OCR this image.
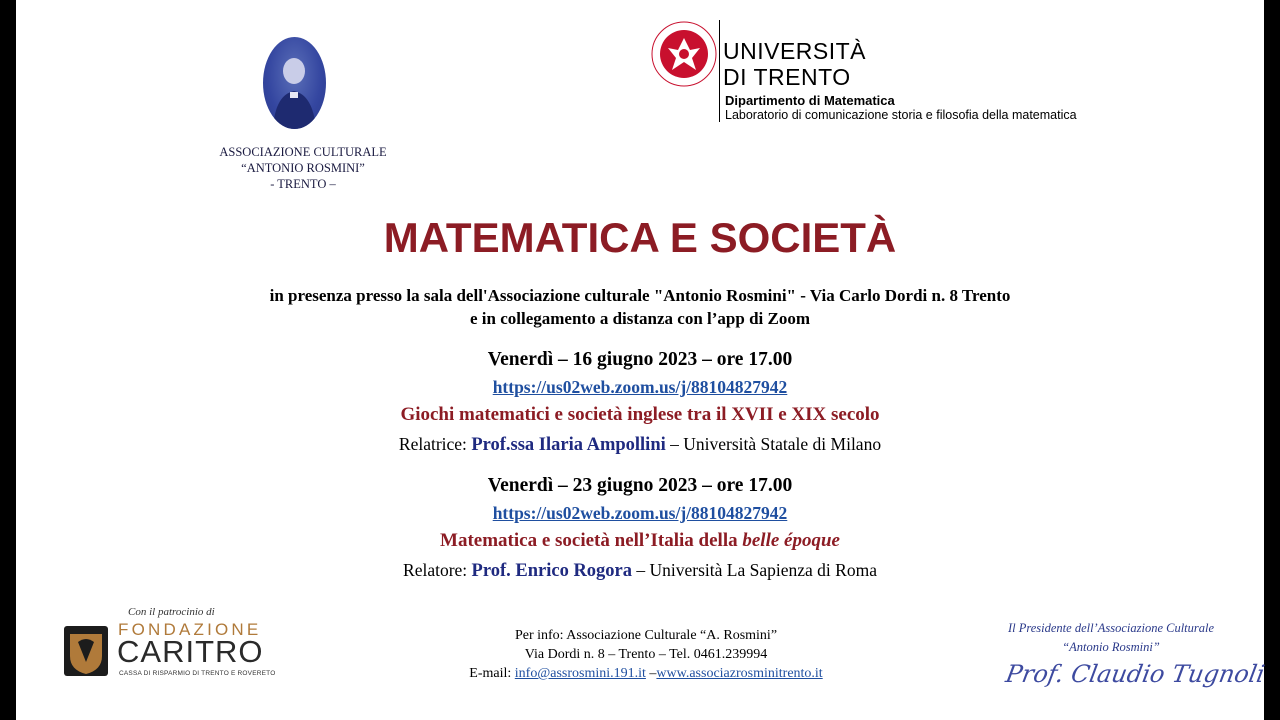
ASSOCIAZIONE CULTURALE
“ANTONIO ROSMINI”
- TRENTO –
UNIVERSITÀ
DI TRENTO
Dipartimento di Matematica
Laboratorio di comunicazione storia e filosofia della matematica
MATEMATICA E SOCIETÀ
in presenza presso la sala dell'Associazione culturale "Antonio Rosmini" - Via Carlo Dordi n. 8 Trento
e in collegamento a distanza con l’app di Zoom
Venerdì – 16 giugno 2023 – ore 17.00
https://us02web.zoom.us/j/88104827942
Giochi matematici e società inglese tra il XVII e XIX secolo
Relatrice: Prof.ssa Ilaria Ampollini – Università Statale di Milano
Venerdì – 23 giugno 2023 – ore 17.00
https://us02web.zoom.us/j/88104827942
Matematica e società nell’Italia della belle époque
Relatore: Prof. Enrico Rogora – Università La Sapienza di Roma
Con il patrocinio di
FONDAZIONE
CARITRO
CASSA DI RISPARMIO DI TRENTO E ROVERETO
Per info: Associazione Culturale “A. Rosmini”
Via Dordi n. 8 – Trento – Tel. 0461.239994
E-mail: info@assrosmini.191.it –www.associazrosminitrento.it
Il Presidente dell’Associazione Culturale
“Antonio Rosmini”
Prof. Claudio Tugnoli
